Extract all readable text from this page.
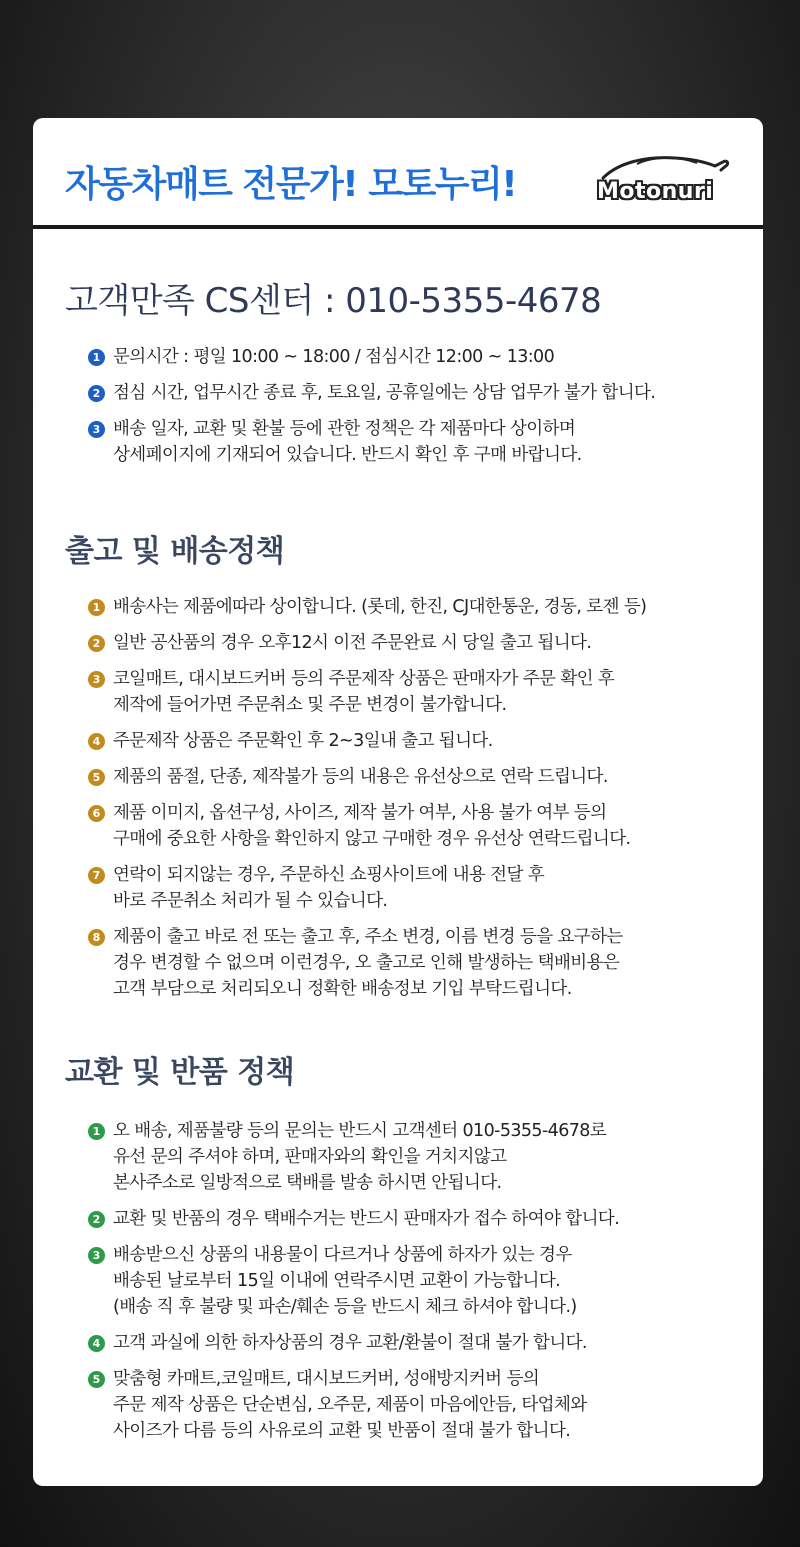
자동차매트 전문가! 모토누리!	Motonuri
고객만족 CS센터 : 010-5355-4678
1 문의시간 : 평일 10:00 ~ 18:00 / 점심시간 12:00 ~ 13:00
2 점심 시간, 업무시간 종료 후, 토요일, 공휴일에는 상담 업무가 불가 합니다.
3 배송 일자, 교환 및 환불 등에 관한 정책은 각 제품마다 상이하며
상세페이지에 기재되어 있습니다. 반드시 확인 후 구매 바랍니다.
출고 및 배송정책
1 배송사는 제품에따라 상이합니다. (롯데, 한진, CJ대한통운, 경동, 로젠 등)
2 일반 공산품의 경우 오후12시 이전 주문완료 시 당일 출고 됩니다.
3 코일매트, 대시보드커버 등의 주문제작 상품은 판매자가 주문 확인 후
제작에 들어가면 주문취소 및 주문 변경이 불가합니다.
4 주문제작 상품은 주문확인 후 2~3일내 출고 됩니다.
5 제품의 품절, 단종, 제작불가 등의 내용은 유선상으로 연락 드립니다.
6 제품 이미지, 옵션구성, 사이즈, 제작 불가 여부, 사용 불가 여부 등의
구매에 중요한 사항을 확인하지 않고 구매한 경우 유선상 연락드립니다.
7 연락이 되지않는 경우, 주문하신 쇼핑사이트에 내용 전달 후
바로 주문취소 처리가 될 수 있습니다.
8 제품이 출고 바로 전 또는 출고 후, 주소 변경, 이름 변경 등을 요구하는
경우 변경할 수 없으며 이런경우, 오 출고로 인해 발생하는 택배비용은
고객 부담으로 처리되오니 정확한 배송정보 기입 부탁드립니다.
교환 및 반품 정책
1 오 배송, 제품불량 등의 문의는 반드시 고객센터 010-5355-4678로
유선 문의 주셔야 하며, 판매자와의 확인을 거치지않고
본사주소로 일방적으로 택배를 발송 하시면 안됩니다.
2 교환 및 반품의 경우 택배수거는 반드시 판매자가 접수 하여야 합니다.
3 배송받으신 상품의 내용물이 다르거나 상품에 하자가 있는 경우
배송된 날로부터 15일 이내에 연락주시면 교환이 가능합니다.
(배송 직 후 불량 및 파손/훼손 등을 반드시 체크 하셔야 합니다.)
4 고객 과실에 의한 하자상품의 경우 교환/환불이 절대 불가 합니다.
5 맞춤형 카매트,코일매트, 대시보드커버, 성애방지커버 등의
주문 제작 상품은 단순변심, 오주문, 제품이 마음에안듬, 타업체와
사이즈가 다름 등의 사유로의 교환 및 반품이 절대 불가 합니다.
